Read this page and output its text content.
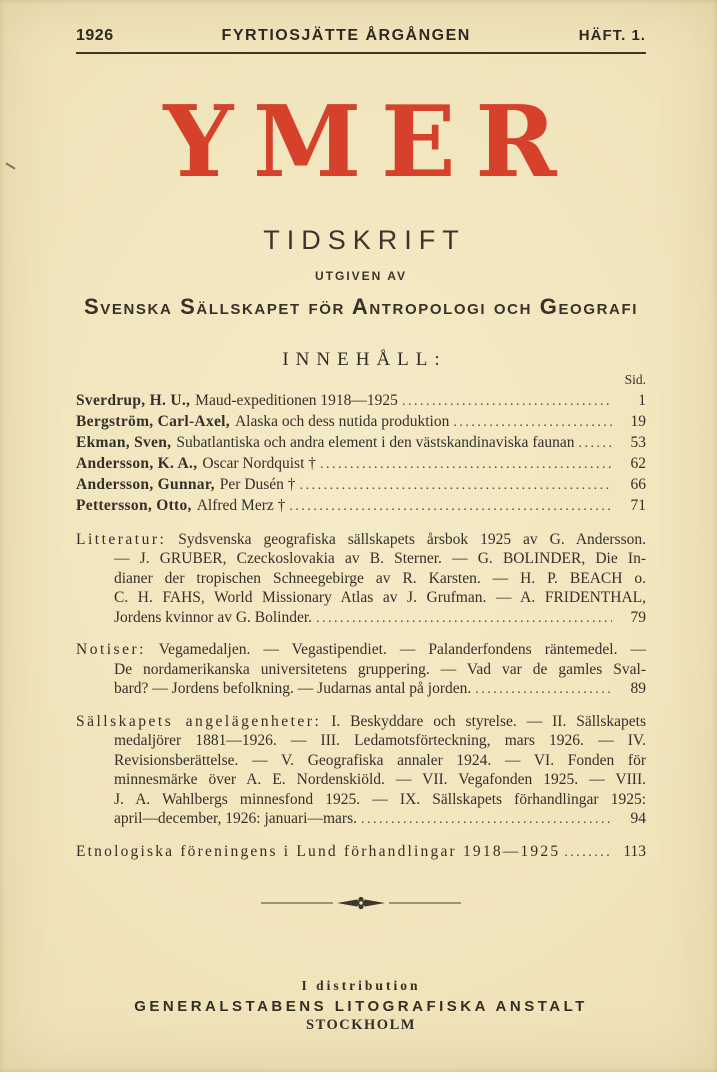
1926	FYRTIOSJÄTTE ÅRGÅNGEN	HÄFT. 1.
YMER
TIDSKRIFT
UTGIVEN AV
Svenska Sällskapet för Antropologi och Geografi
INNEHÅLL:
Sid.
Sverdrup, H. U., Maud-expeditionen 1918—1925 .....	1
Bergström, Carl-Axel, Alaska och dess nutida produktion .....	19
Ekman, Sven, Subatlantiska och andra element i den västskandinaviska faunan .....	53
Andersson, K. A., Oscar Nordquist † .....	62
Andersson, Gunnar, Per Dusén † .....	66
Pettersson, Otto, Alfred Merz † .....	71
Litteratur: Sydsvenska geografiska sällskapets årsbok 1925 av G. Andersson.
— J. GRUBER, Czeckoslovakia av B. Sterner. — G. BOLINDER, Die In-
dianer der tropischen Schneegebirge av R. Karsten. — H. P. BEACH o.
C. H. FAHS, World Missionary Atlas av J. Grufman. — A. FRIDENTHAL,
Jordens kvinnor av G. Bolinder. .....	79
Notiser: Vegamedaljen. — Vegastipendiet. — Palanderfondens räntemedel. —
De nordamerikanska universitetens gruppering. — Vad var de gamles Sval-
bard? — Jordens befolkning. — Judarnas antal på jorden. .....	89
Sällskapets angelägenheter: I. Beskyddare och styrelse. — II. Sällskapets
medaljörer 1881—1926. — III. Ledamotsförteckning, mars 1926. — IV.
Revisionsberättelse. — V. Geografiska annaler 1924. — VI. Fonden för
minnesmärke över A. E. Nordenskiöld. — VII. Vegafonden 1925. — VIII.
J. A. Wahlbergs minnesfond 1925. — IX. Sällskapets förhandlingar 1925:
april—december, 1926: januari—mars. .....	94
Etnologiska föreningens i Lund förhandlingar 1918—1925 .....	113
I distribution
GENERALSTABENS LITOGRAFISKA ANSTALT
STOCKHOLM
